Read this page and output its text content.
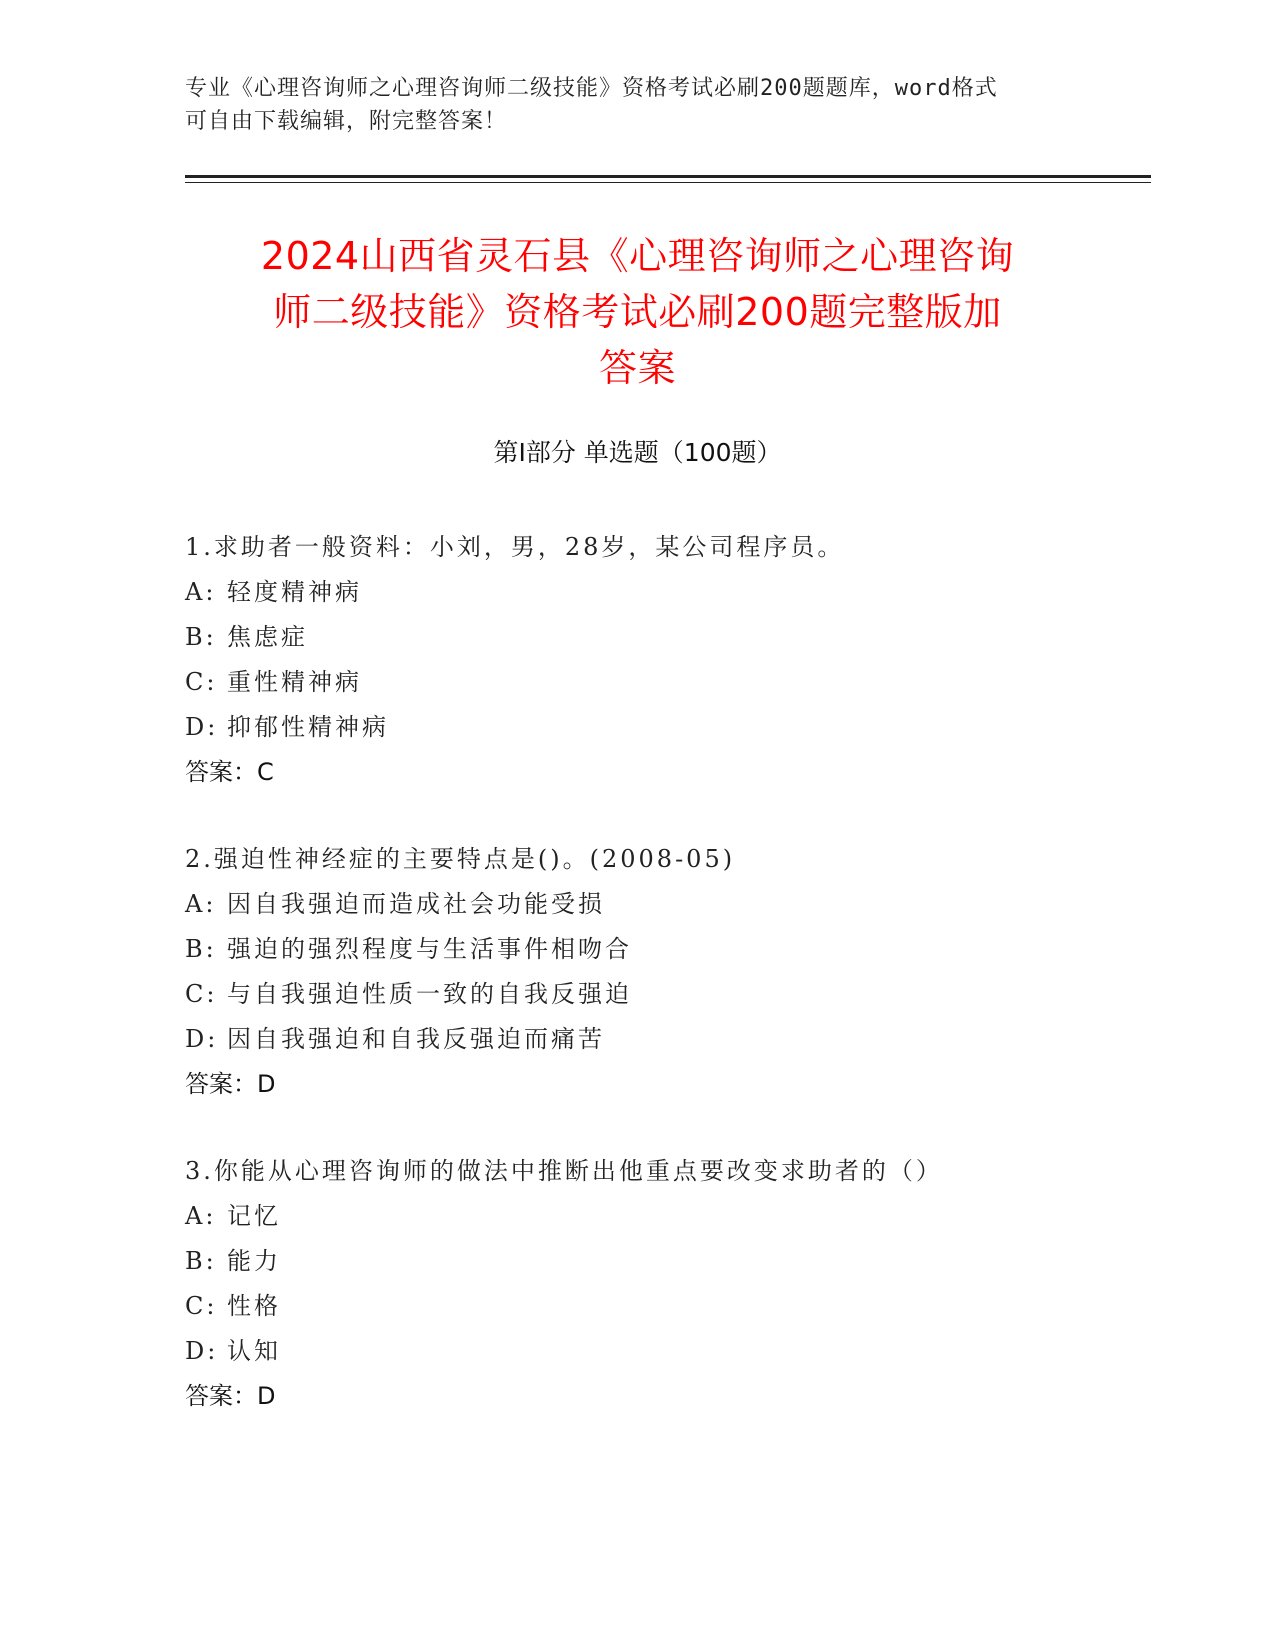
专业《心理咨询师之心理咨询师二级技能》资格考试必刷200题题库，word格式
可自由下载编辑，附完整答案！
2024山西省灵石县《心理咨询师之心理咨询
师二级技能》资格考试必刷200题完整版加
答案
第Ⅰ部分 单选题（100题）
1.求助者一般资料：小刘，男，28岁，某公司程序员。
A: 轻度精神病
B: 焦虑症
C: 重性精神病
D: 抑郁性精神病
答案：C
2.强迫性神经症的主要特点是()。(2008-05)
A: 因自我强迫而造成社会功能受损
B: 强迫的强烈程度与生活事件相吻合
C: 与自我强迫性质一致的自我反强迫
D: 因自我强迫和自我反强迫而痛苦
答案：D
3.你能从心理咨询师的做法中推断出他重点要改变求助者的（）
A: 记忆
B: 能力
C: 性格
D: 认知
答案：D
